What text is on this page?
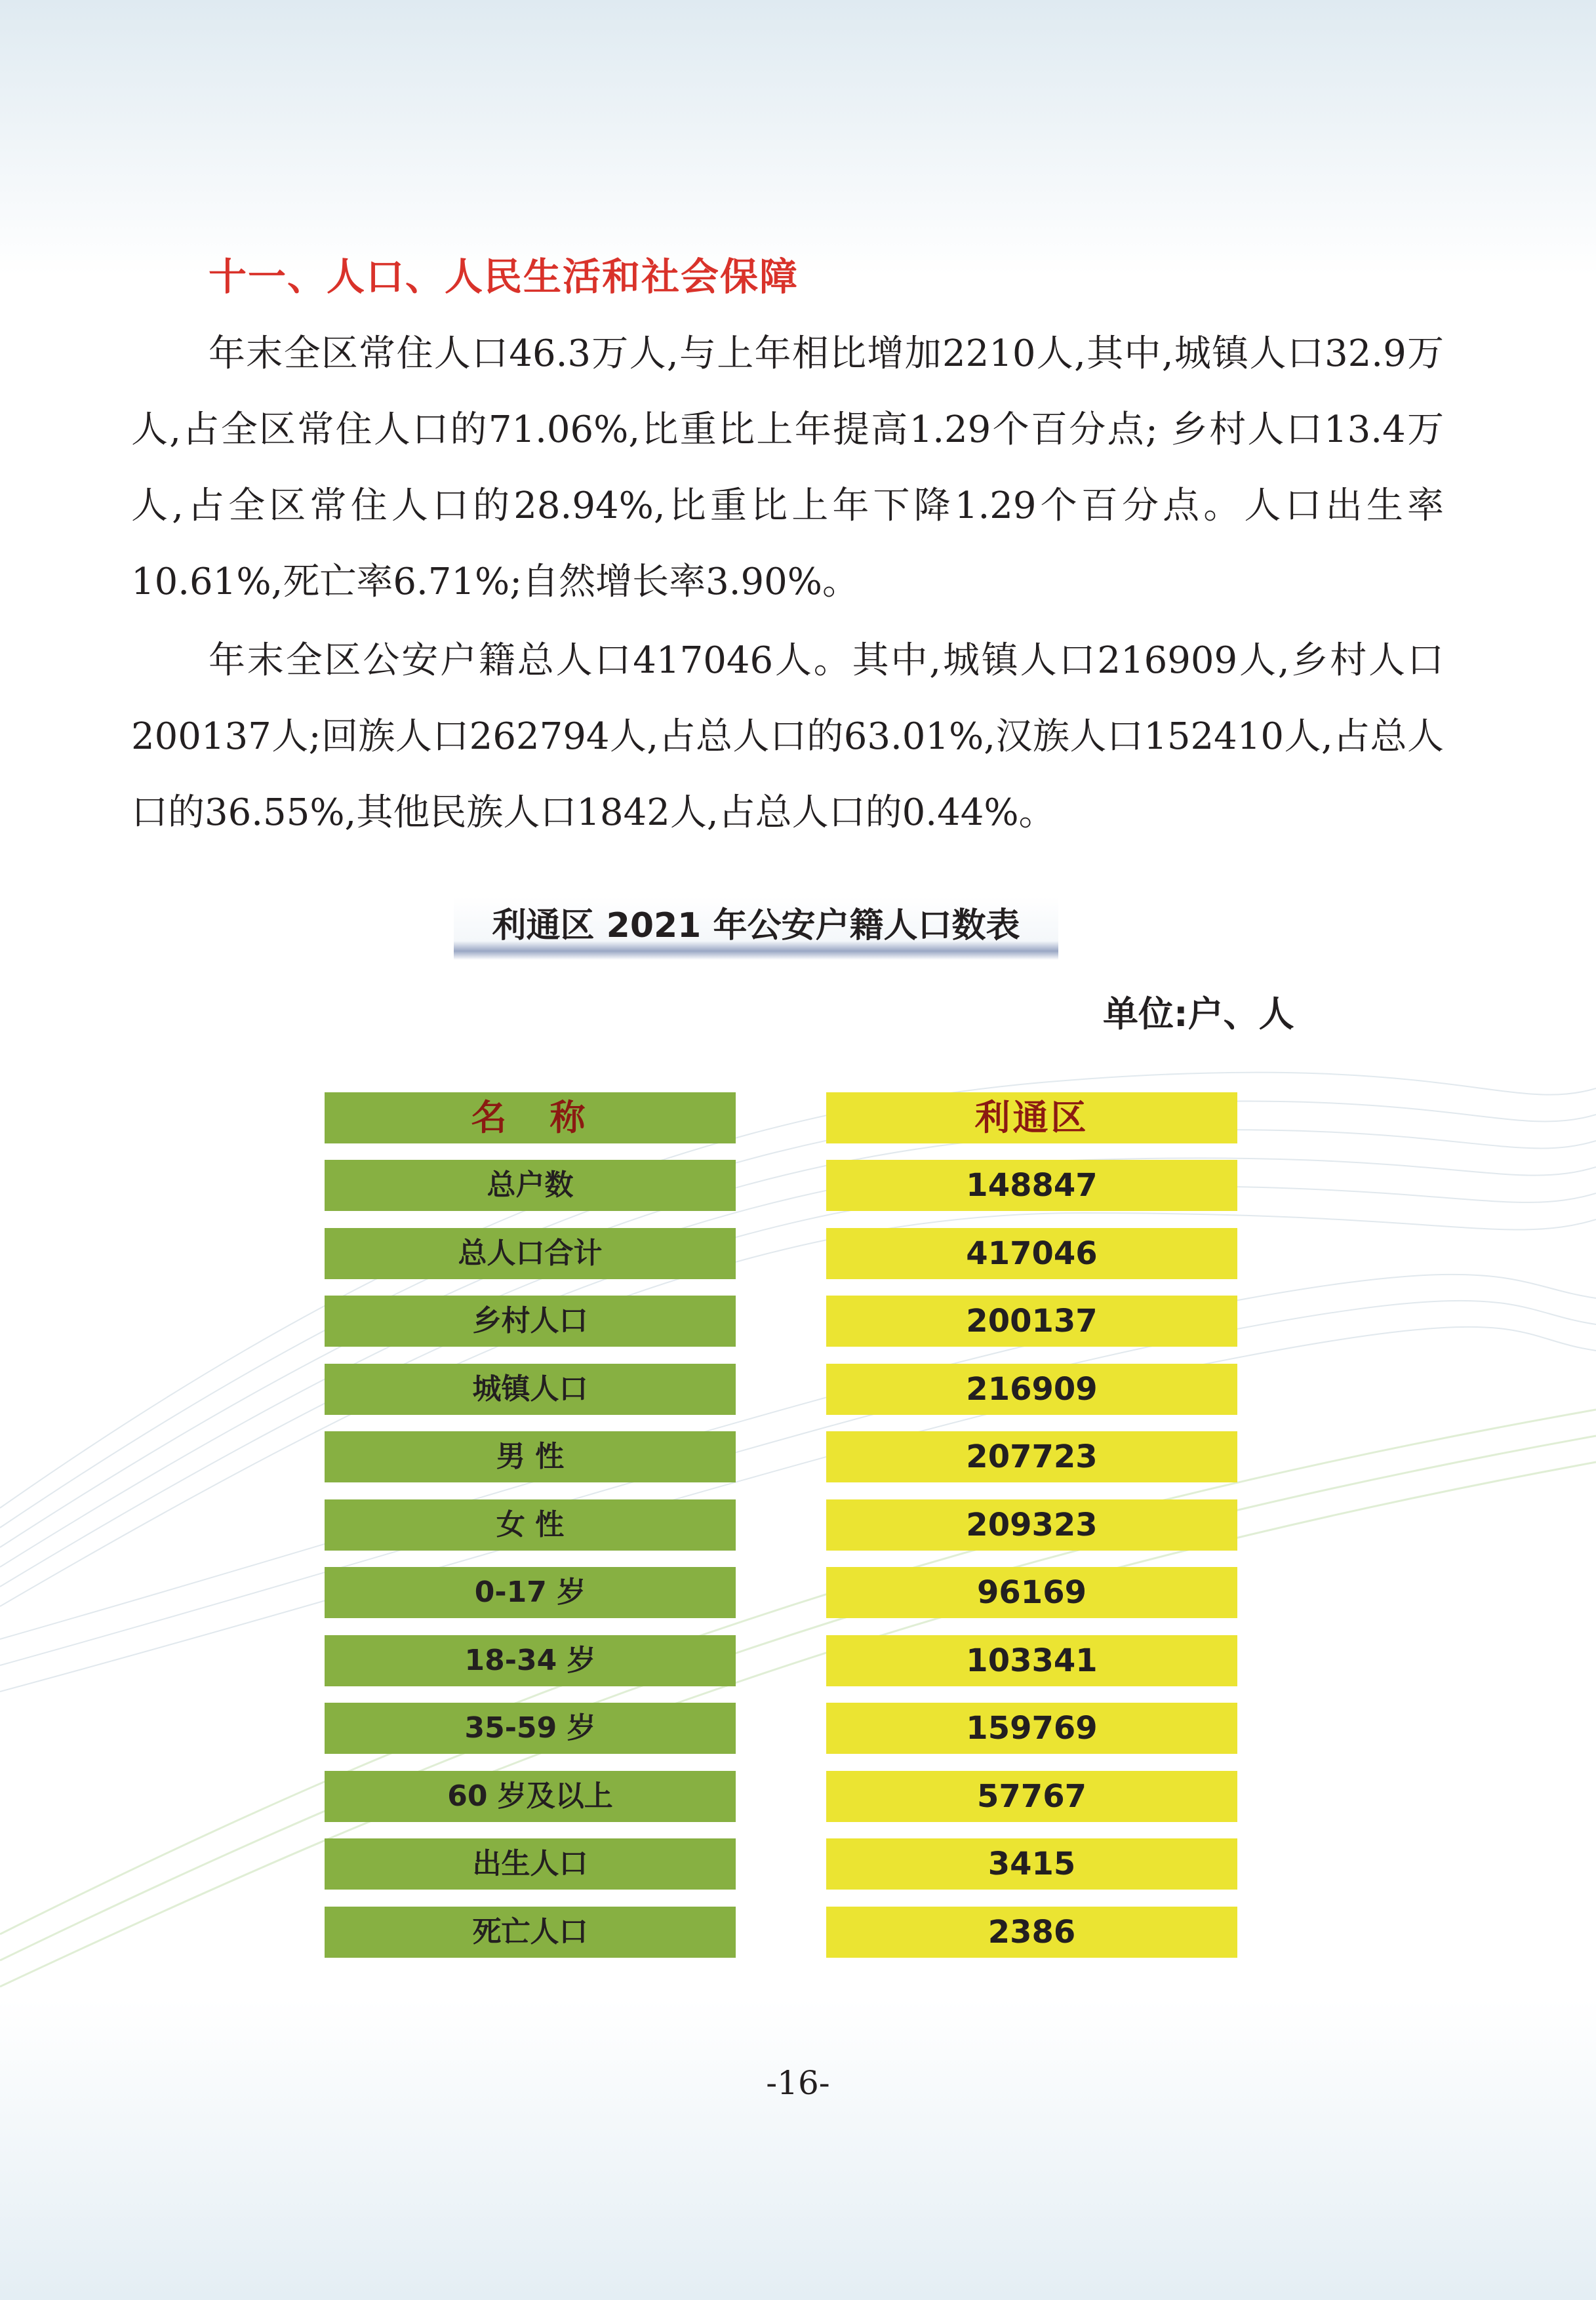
十一、人口、人民生活和社会保障

年末全区常住人口46.3万人,与上年相比增加2210人,其中,城镇人口32.9万人,占全区常住人口的71.06%,比重比上年提高1.29个百分点; 乡村人口13.4万人,占全区常住人口的28.94%,比重比上年下降1.29个百分点。人口出生率10.61%,死亡率6.71%;自然增长率3.90%。

年末全区公安户籍总人口417046人。其中,城镇人口216909人,乡村人口200137人;回族人口262794人,占总人口的63.01%,汉族人口152410人,占总人口的36.55%,其他民族人口1842人,占总人口的0.44%。

利通区 2021 年公安户籍人口数表
单位:户、人
名　称	利通区
总户数	148847
总人口合计	417046
乡村人口	200137
城镇人口	216909
男 性	207723
女 性	209323
0-17 岁	96169
18-34 岁	103341
35-59 岁	159769
60 岁及以上	57767
出生人口	3415
死亡人口	2386
-16-
